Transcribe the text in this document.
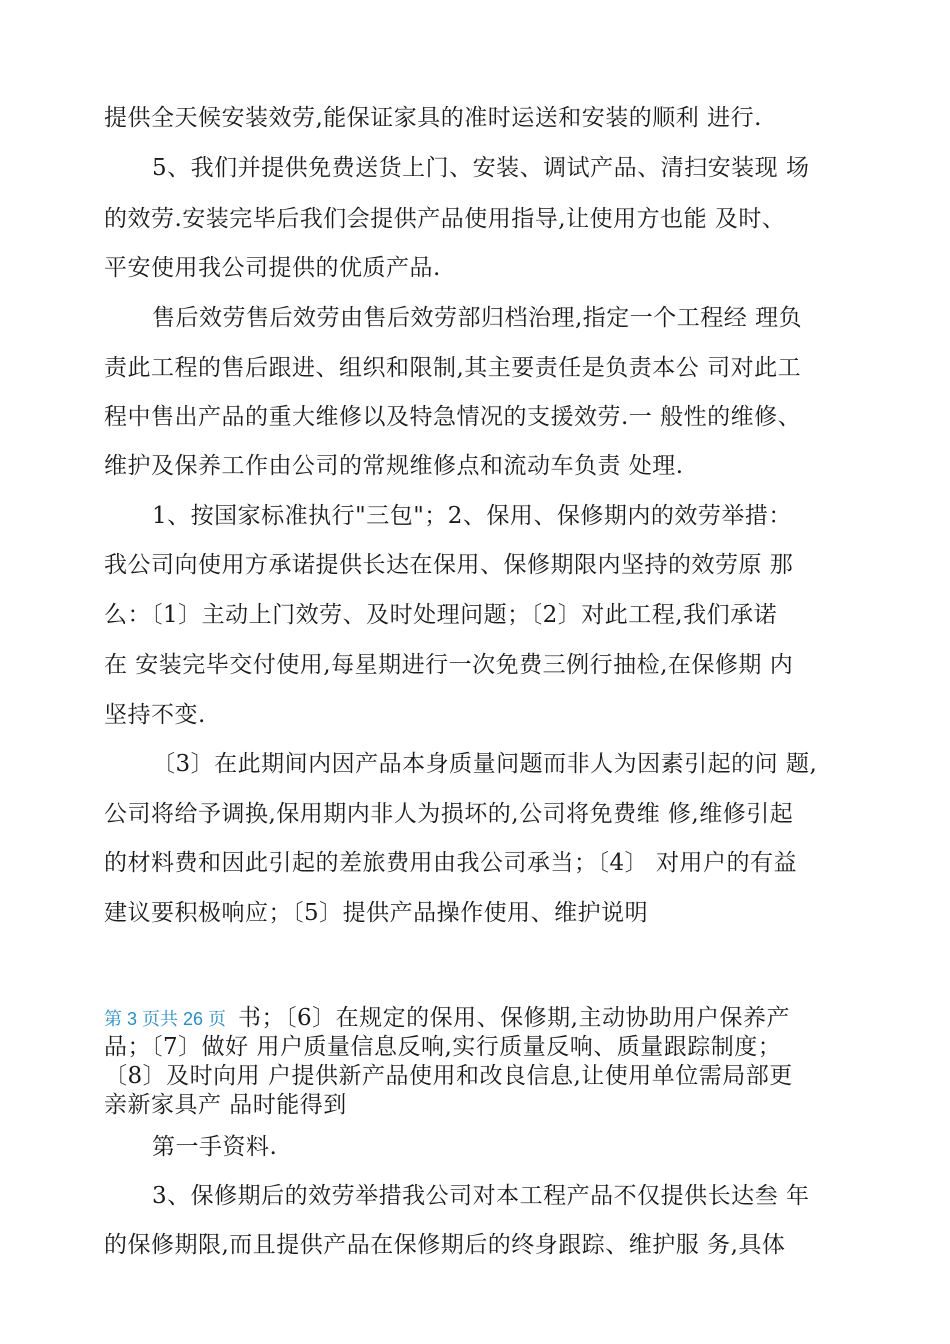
提供全天候安装效劳,能保证家具的准时运送和安装的顺利 进行.

5、我们并提供免费送货上门、安装、调试产品、清扫安装现 场

的效劳.安装完毕后我们会提供产品使用指导,让使用方也能 及时、

平安使用我公司提供的优质产品.

售后效劳售后效劳由售后效劳部归档治理,指定一个工程经 理负

责此工程的售后跟进、组织和限制,其主要责任是负责本公 司对此工

程中售出产品的重大维修以及特急情况的支援效劳.一 般性的维修、

维护及保养工作由公司的常规维修点和流动车负责 处理.

1、按国家标准执行"三包"；2、保用、保修期内的效劳举措：

我公司向使用方承诺提供长达在保用、保修期限内坚持的效劳原 那

么：〔1〕主动上门效劳、及时处理问题；〔2〕对此工程,我们承诺

在 安装完毕交付使用,每星期进行一次免费三例行抽检,在保修期 内

坚持不变.

〔3〕在此期间内因产品本身质量问题而非人为因素引起的问 题,

公司将给予调换,保用期内非人为损坏的,公司将免费维 修,维修引起

的材料费和因此引起的差旅费用由我公司承当；〔4〕 对用户的有益

建议要积极响应；〔5〕提供产品操作使用、维护说明

第 3 页共 26 页 书；〔6〕在规定的保用、保修期,主动协助用户保养产

品；〔7〕做好 用户质量信息反响,实行质量反响、质量跟踪制度；

〔8〕及时向用 户提供新产品使用和改良信息,让使用单位需局部更

亲新家具产 品时能得到

第一手资料.

3、保修期后的效劳举措我公司对本工程产品不仅提供长达叁 年

的保修期限,而且提供产品在保修期后的终身跟踪、维护服 务,具体
